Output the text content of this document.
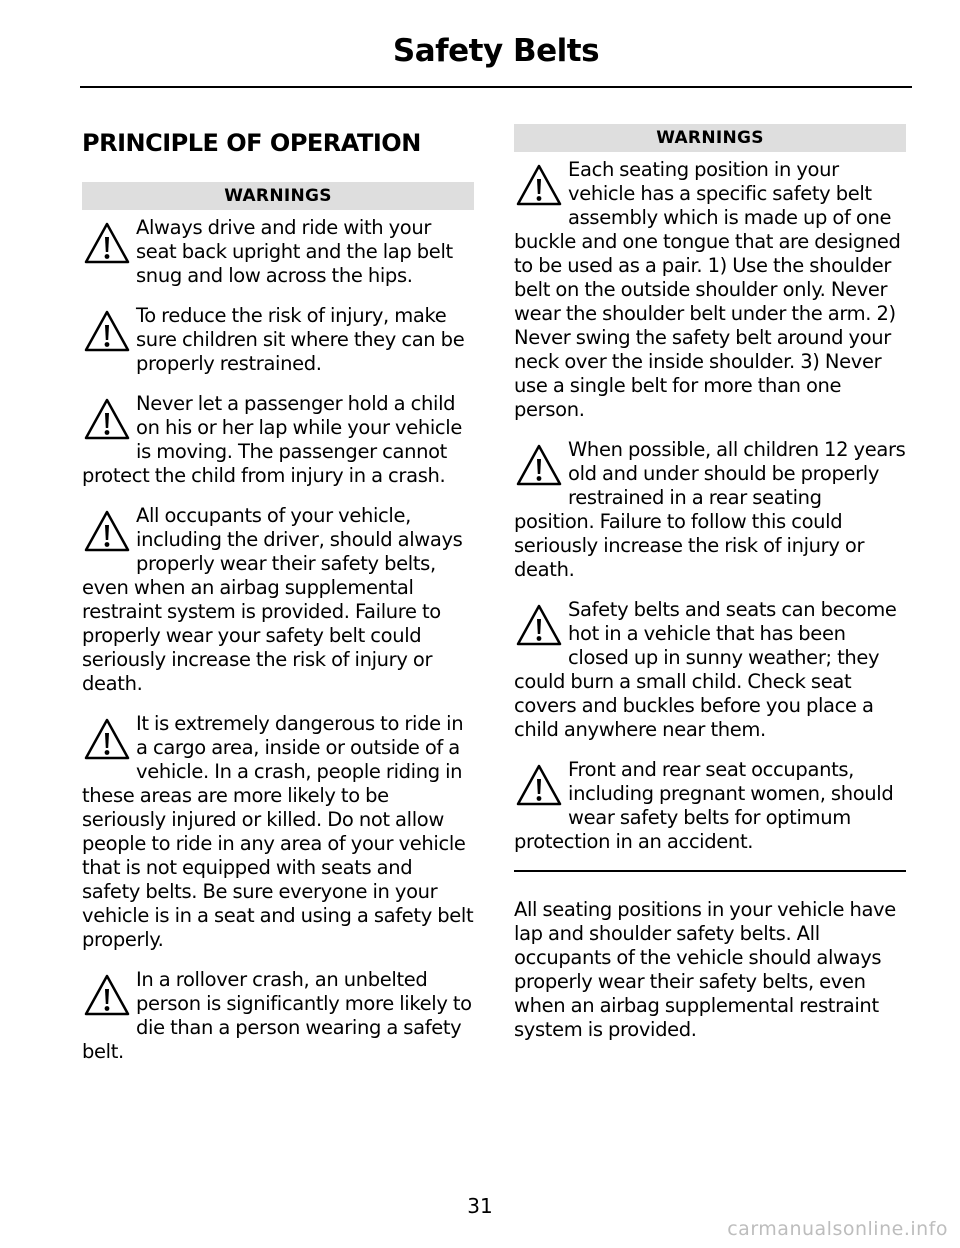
Safety Belts
PRINCIPLE OF OPERATION
WARNINGS
Always drive and ride with your seat back upright and the lap belt snug and low across the hips.
To reduce the risk of injury, make sure children sit where they can be properly restrained.
Never let a passenger hold a child on his or her lap while your vehicle is moving. The passenger cannot protect the child from injury in a crash.
All occupants of your vehicle, including the driver, should always properly wear their safety belts, even when an airbag supplemental restraint system is provided. Failure to properly wear your safety belt could seriously increase the risk of injury or death.
It is extremely dangerous to ride in a cargo area, inside or outside of a vehicle. In a crash, people riding in these areas are more likely to be seriously injured or killed. Do not allow people to ride in any area of your vehicle that is not equipped with seats and safety belts. Be sure everyone in your vehicle is in a seat and using a safety belt properly.
In a rollover crash, an unbelted person is significantly more likely to die than a person wearing a safety belt.
WARNINGS
Each seating position in your vehicle has a specific safety belt assembly which is made up of one buckle and one tongue that are designed to be used as a pair. 1) Use the shoulder belt on the outside shoulder only. Never wear the shoulder belt under the arm. 2) Never swing the safety belt around your neck over the inside shoulder. 3) Never use a single belt for more than one person.
When possible, all children 12 years old and under should be properly restrained in a rear seating position. Failure to follow this could seriously increase the risk of injury or death.
Safety belts and seats can become hot in a vehicle that has been closed up in sunny weather; they could burn a small child. Check seat covers and buckles before you place a child anywhere near them.
Front and rear seat occupants, including pregnant women, should wear safety belts for optimum protection in an accident.

All seating positions in your vehicle have lap and shoulder safety belts. All occupants of the vehicle should always properly wear their safety belts, even when an airbag supplemental restraint system is provided.

31
carmanualsonline.info
